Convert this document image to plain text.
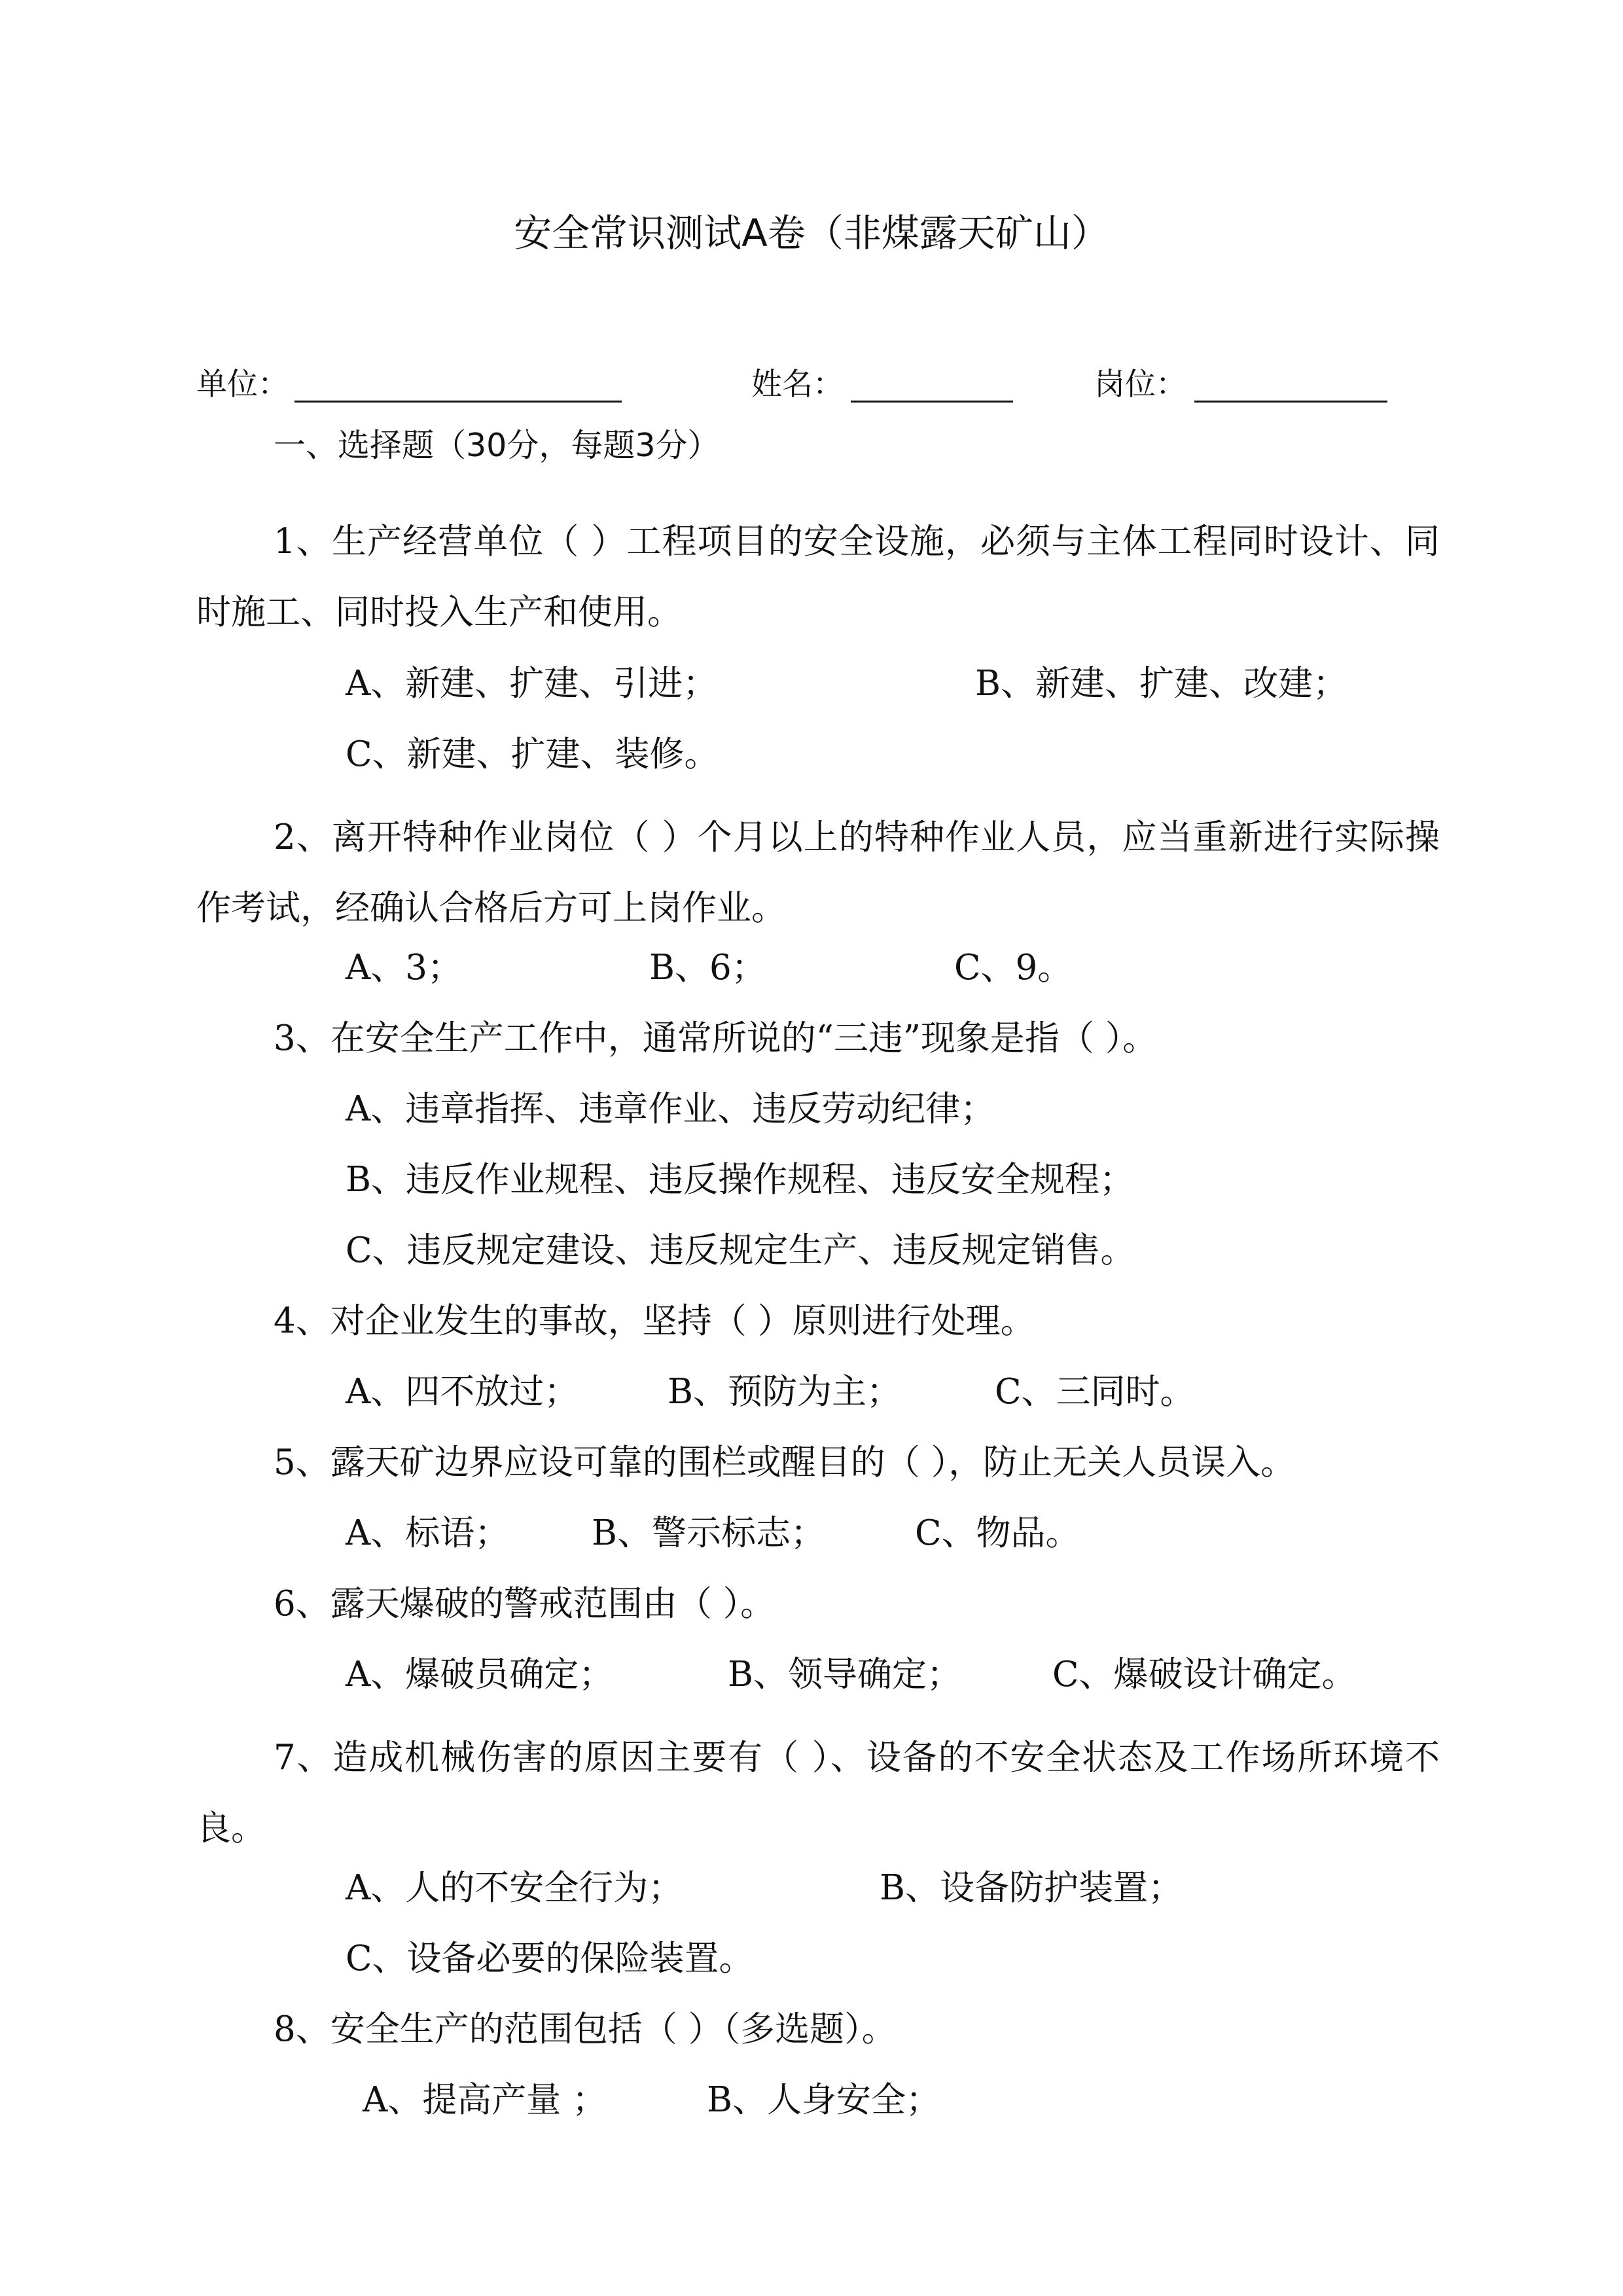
安全常识测试A卷（非煤露天矿山）
单位：	姓名：	岗位：
一、选择题（30分，每题3分）
1、生产经营单位（ ）工程项目的安全设施，必须与主体工程同时设计、同时施工、同时投入生产和使用。
A、新建、扩建、引进；	B、新建、扩建、改建；
C、新建、扩建、装修。
2、离开特种作业岗位（ ）个月以上的特种作业人员，应当重新进行实际操作考试，经确认合格后方可上岗作业。
A、3；	B、6；	C、9。
3、在安全生产工作中，通常所说的“三违”现象是指（ ）。
A、违章指挥、违章作业、违反劳动纪律；
B、违反作业规程、违反操作规程、违反安全规程；
C、违反规定建设、违反规定生产、违反规定销售。
4、对企业发生的事故，坚持（ ）原则进行处理。
A、四不放过；	B、预防为主；	C、三同时。
5、露天矿边界应设可靠的围栏或醒目的（ ），防止无关人员误入。
A、标语； B、警示标志；	C、物品。
6、露天爆破的警戒范围由（ ）。
A、爆破员确定；	B、领导确定；	C、爆破设计确定。
7、造成机械伤害的原因主要有（ ）、设备的不安全状态及工作场所环境不良。
A、人的不安全行为；	B、设备防护装置；
C、设备必要的保险装置。
8、安全生产的范围包括（ ）（多选题）。
A、提高产量 ；	B、人身安全；
